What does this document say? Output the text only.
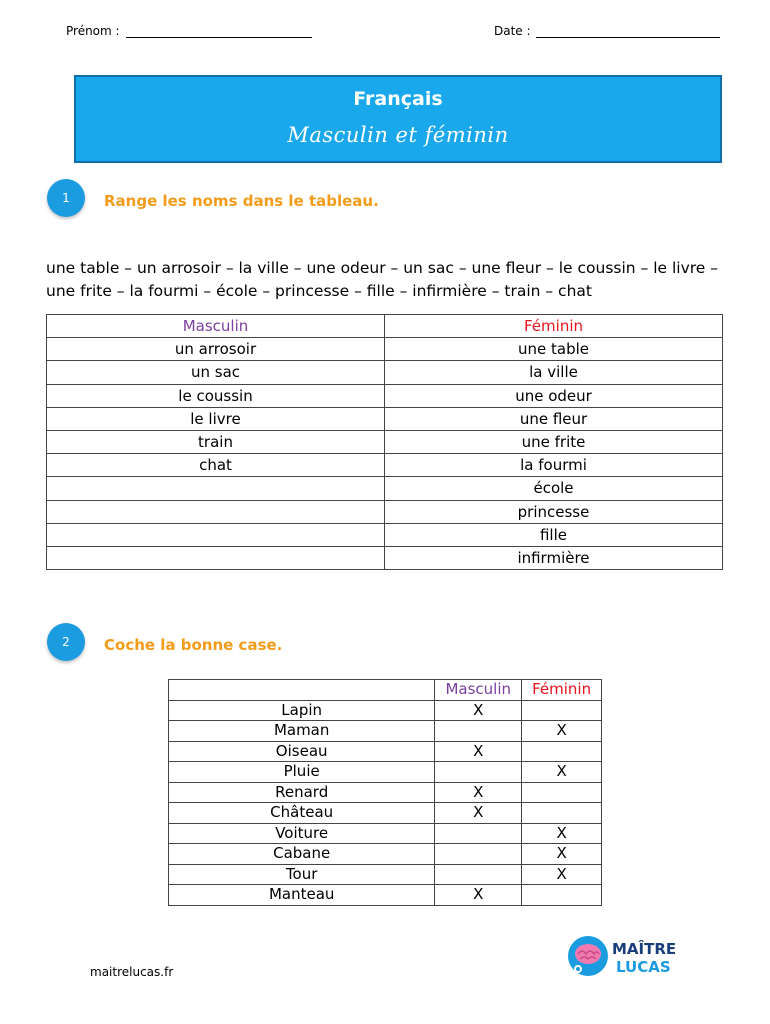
Prénom :	Date :
Français
Masculin et féminin
1	Range les noms dans le tableau.
une table – un arrosoir – la ville – une odeur – un sac – une fleur – le coussin – le livre – une frite – la fourmi – école – princesse – fille – infirmière – train – chat
Masculin	Féminin
un arrosoir	une table
un sac	la ville
le coussin	une odeur
le livre	une fleur
train	une frite
chat	la fourmi
	école
	princesse
	fille
	infirmière
2	Coche la bonne case.
	Masculin	Féminin
Lapin	X	
Maman		X
Oiseau	X	
Pluie		X
Renard	X	
Château	X	
Voiture		X
Cabane		X
Tour		X
Manteau	X	
maitrelucas.fr
MAÎTRE
LUCAS
